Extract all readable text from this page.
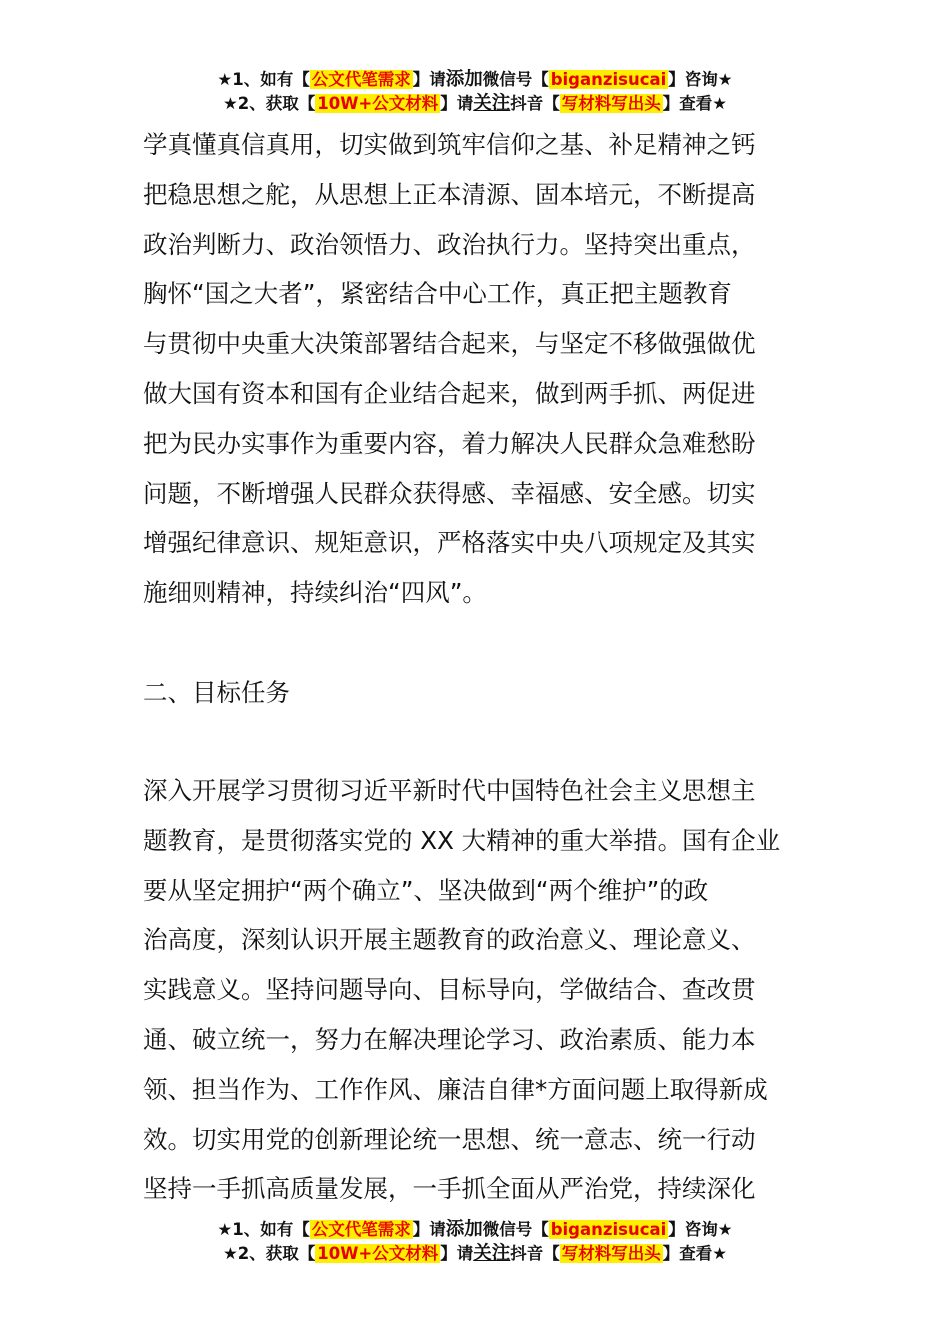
★1、如有【 公文代笔需求 】请添加微信号【 biganzisucai 】咨询★
★2、获取【 10W+公文材料 】请关注抖音【 写材料写出头 】查看★
学真懂真信真用，切实做到筑牢信仰之基、补足精神之钙
把稳思想之舵，从思想上正本清源、固本培元，不断提高
政治判断力、政治领悟力、政治执行力。坚持突出重点，
胸怀“国之大者”，紧密结合中心工作，真正把主题教育
与贯彻中央重大决策部署结合起来，与坚定不移做强做优
做大国有资本和国有企业结合起来，做到两手抓、两促进
把为民办实事作为重要内容，着力解决人民群众急难愁盼
问题，不断增强人民群众获得感、幸福感、安全感。切实
增强纪律意识、规矩意识，严格落实中央八项规定及其实
施细则精神，持续纠治“四风”。
二、目标任务
深入开展学习贯彻习近平新时代中国特色社会主义思想主
题教育，是贯彻落实党的 XX 大精神的重大举措。国有企业
要从坚定拥护“两个确立”、坚决做到“两个维护”的政
治高度，深刻认识开展主题教育的政治意义、理论意义、
实践意义。坚持问题导向、目标导向，学做结合、查改贯
通、破立统一，努力在解决理论学习、政治素质、能力本
领、担当作为、工作作风、廉洁自律*方面问题上取得新成
效。切实用党的创新理论统一思想、统一意志、统一行动
坚持一手抓高质量发展，一手抓全面从严治党，持续深化
★1、如有【 公文代笔需求 】请添加微信号【 biganzisucai 】咨询★
★2、获取【 10W+公文材料 】请关注抖音【 写材料写出头 】查看★
